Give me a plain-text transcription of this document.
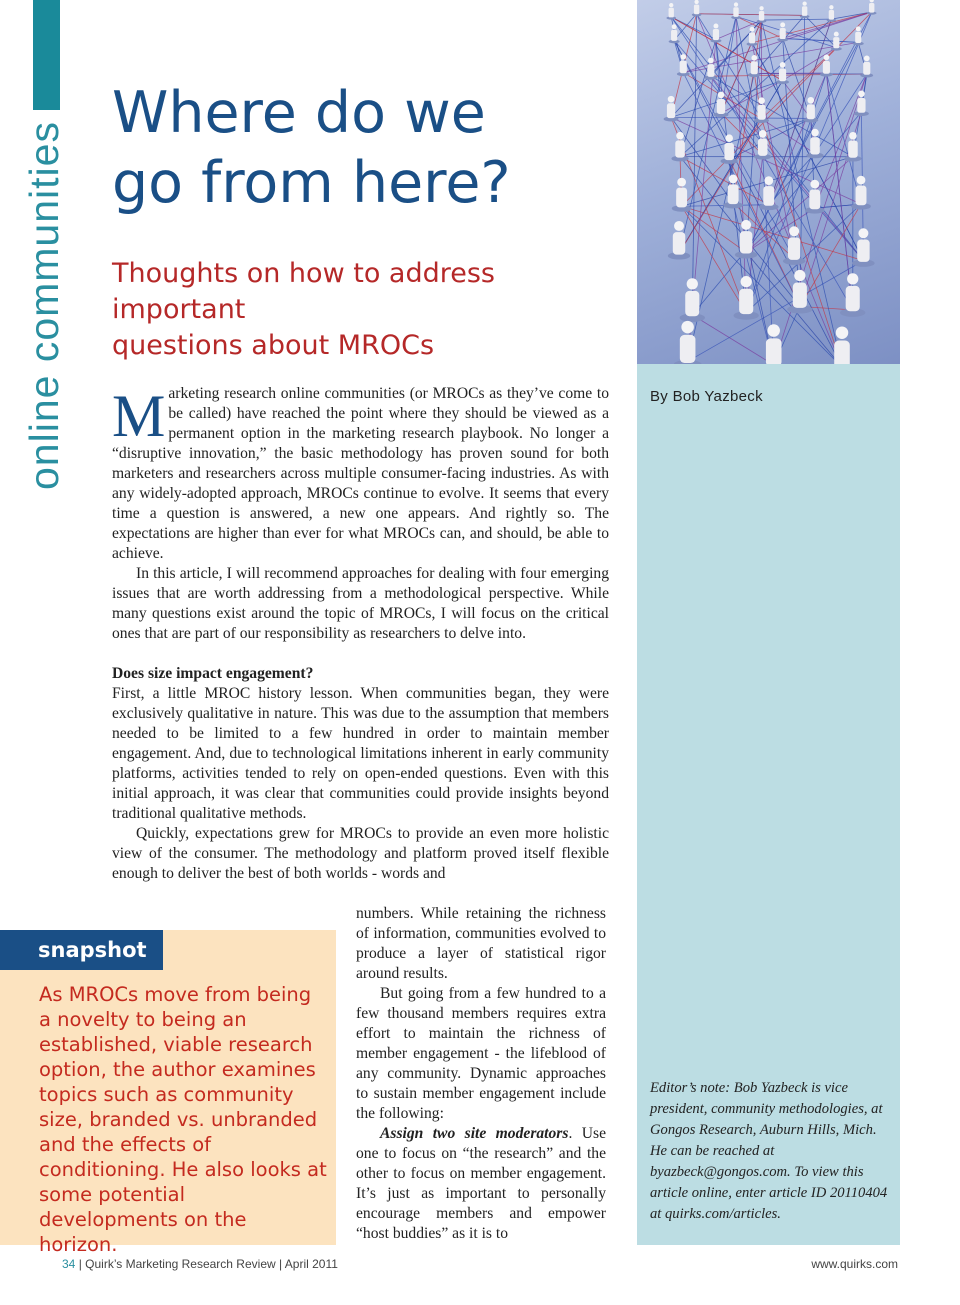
online communities
Where do we
go from here?
Thoughts on how to address important
questions about MROCs

Marketing research online communities (or MROCs as they’ve come to be called) have reached the point where they should be viewed as a permanent option in the marketing research playbook. No longer a “disruptive innovation,” the basic methodology has proven sound for both marketers and researchers across multiple consumer-facing industries. As with any widely-adopted approach, MROCs continue to evolve. It seems that every time a question is answered, a new one appears. And rightly so. The expectations are higher than ever for what MROCs can, and should, be able to achieve.

In this article, I will recommend approaches for dealing with four emerging issues that are worth addressing from a methodological perspective. While many questions exist around the topic of MROCs, I will focus on the critical ones that are part of our responsibility as researchers to delve into.

Does size impact engagement?

First, a little MROC history lesson. When communities began, they were exclusively qualitative in nature. This was due to the assumption that members needed to be limited to a few hundred in order to maintain member engagement. And, due to technological limitations inherent in early community platforms, activities tended to rely on open-ended questions. Even with this initial approach, it was clear that communities could provide insights beyond traditional qualitative methods.

Quickly, expectations grew for MROCs to provide an even more holistic view of the consumer. The methodology and platform proved itself flexible enough to deliver the best of both worlds - words and

numbers. While retaining the richness of information, communities evolved to produce a layer of statistical rigor around results.

But going from a few hundred to a few thousand members requires extra effort to maintain the richness of member engagement - the lifeblood of any community. Dynamic approaches to sustain member engagement include the following:

Assign two site moderators. Use one to focus on “the research” and the other to focus on member engagement. It’s just as important to personally encourage members and empower “host buddies” as it is to

By Bob Yazbeck
Editor’s note: Bob Yazbeck is vice president, community methodologies, at Gongos Research, Auburn Hills, Mich. He can be reached at byazbeck@gongos.com. To view this article online, enter article ID 20110404 at quirks.com/articles.
snapshot
As MROCs move from being a novelty to being an established, viable research option, the author examines topics such as community size, branded vs. unbranded and the effects of conditioning. He also looks at some potential developments on the horizon.
34 | Quirk’s Marketing Research Review | April 2011	www.quirks.com
